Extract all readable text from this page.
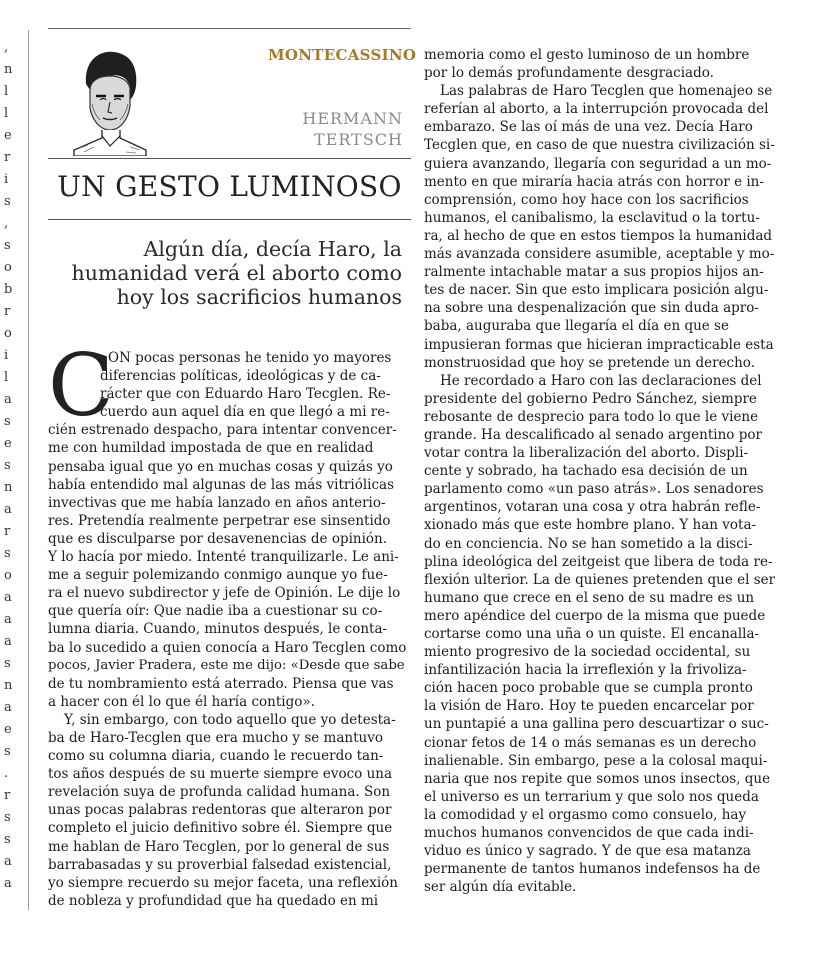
,
n
l
l
e
r
i
s
,
s
o
b
r
o
i
l
a
s
e
s
n
a
r
s
o
a
a
a
s
n
a
e
s
.
r
s
s
a
a
MONTECASSINO
HERMANN
TERTSCH
UN GESTO LUMINOSO
Algún día, decía Haro, la
humanidad verá el aborto como
hoy los sacrificios humanos
C
ON pocas personas he tenido yo mayores
diferencias políticas, ideológicas y de ca-
rácter que con Eduardo Haro Tecglen. Re-
cuerdo aun aquel día en que llegó a mi re-
cién estrenado despacho, para intentar convencer-
me con humildad impostada de que en realidad
pensaba igual que yo en muchas cosas y quizás yo
había entendido mal algunas de las más vitriólicas
invectivas que me había lanzado en años anterio-
res. Pretendía realmente perpetrar ese sinsentido
que es disculparse por desavenencias de opinión.
Y lo hacía por miedo. Intenté tranquilizarle. Le ani-
me a seguir polemizando conmigo aunque yo fue-
ra el nuevo subdirector y jefe de Opinión. Le dije lo
que quería oír: Que nadie iba a cuestionar su co-
lumna diaria. Cuando, minutos después, le conta-
ba lo sucedido a quien conocía a Haro Tecglen como
pocos, Javier Pradera, este me dijo: «Desde que sabe
de tu nombramiento está aterrado. Piensa que vas
a hacer con él lo que él haría contigo».
Y, sin embargo, con todo aquello que yo detesta-
ba de Haro-Tecglen que era mucho y se mantuvo
como su columna diaria, cuando le recuerdo tan-
tos años después de su muerte siempre evoco una
revelación suya de profunda calidad humana. Son
unas pocas palabras redentoras que alteraron por
completo el juicio definitivo sobre él. Siempre que
me hablan de Haro Tecglen, por lo general de sus
barrabasadas y su proverbial falsedad existencial,
yo siempre recuerdo su mejor faceta, una reflexión
de nobleza y profundidad que ha quedado en mi
memoria como el gesto luminoso de un hombre
por lo demás profundamente desgraciado.
Las palabras de Haro Tecglen que homenajeo se
referían al aborto, a la interrupción provocada del
embarazo. Se las oí más de una vez. Decía Haro
Tecglen que, en caso de que nuestra civilización si-
guiera avanzando, llegaría con seguridad a un mo-
mento en que miraría hacia atrás con horror e in-
comprensión, como hoy hace con los sacrificios
humanos, el canibalismo, la esclavitud o la tortu-
ra, al hecho de que en estos tiempos la humanidad
más avanzada considere asumible, aceptable y mo-
ralmente intachable matar a sus propios hijos an-
tes de nacer. Sin que esto implicara posición algu-
na sobre una despenalización que sin duda apro-
baba, auguraba que llegaría el día en que se
impusieran formas que hicieran impracticable esta
monstruosidad que hoy se pretende un derecho.
He recordado a Haro con las declaraciones del
presidente del gobierno Pedro Sánchez, siempre
rebosante de desprecio para todo lo que le viene
grande. Ha descalificado al senado argentino por
votar contra la liberalización del aborto. Displi-
cente y sobrado, ha tachado esa decisión de un
parlamento como «un paso atrás». Los senadores
argentinos, votaran una cosa y otra habrán refle-
xionado más que este hombre plano. Y han vota-
do en conciencia. No se han sometido a la disci-
plina ideológica del zeitgeist que libera de toda re-
flexión ulterior. La de quienes pretenden que el ser
humano que crece en el seno de su madre es un
mero apéndice del cuerpo de la misma que puede
cortarse como una uña o un quiste. El encanalla-
miento progresivo de la sociedad occidental, su
infantilización hacia la irreflexión y la frivoliza-
ción hacen poco probable que se cumpla pronto
la visión de Haro. Hoy te pueden encarcelar por
un puntapié a una gallina pero descuartizar o suc-
cionar fetos de 14 o más semanas es un derecho
inalienable. Sin embargo, pese a la colosal maqui-
naria que nos repite que somos unos insectos, que
el universo es un terrarium y que solo nos queda
la comodidad y el orgasmo como consuelo, hay
muchos humanos convencidos de que cada indi-
viduo es único y sagrado. Y de que esa matanza
permanente de tantos humanos indefensos ha de
ser algún día evitable.
